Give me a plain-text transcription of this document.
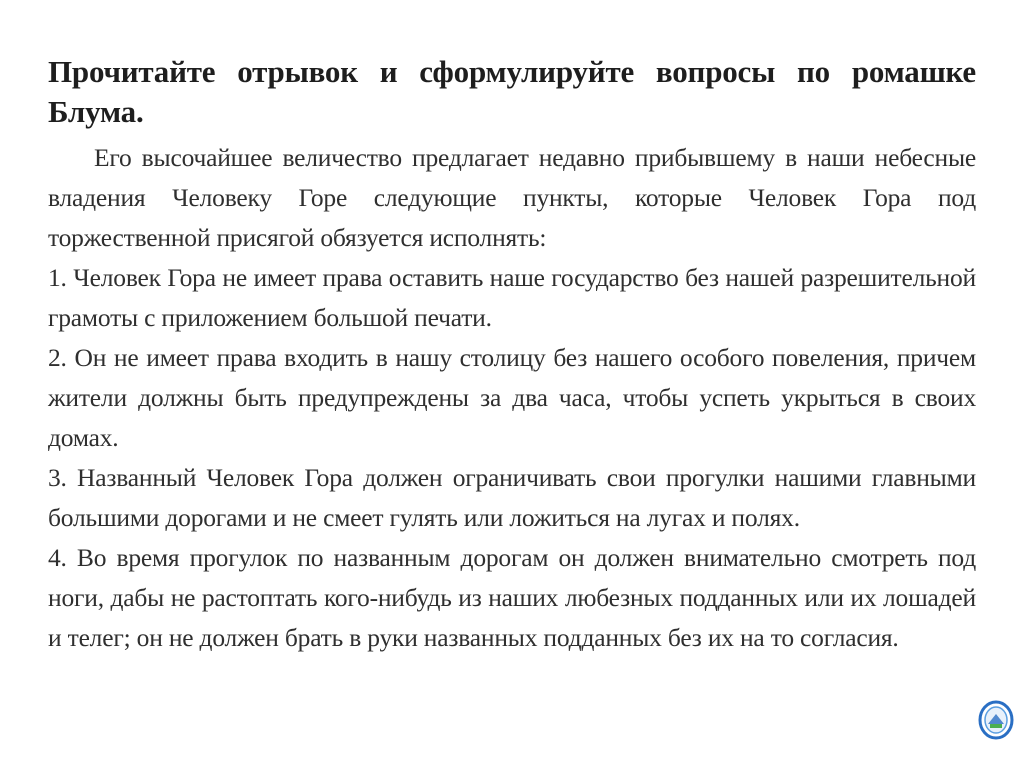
Прочитайте отрывок и сформулируйте вопросы по ромашке Блума.

Его высочайшее величество предлагает недавно прибывшему в наши небесные владения Человеку Горе следующие пункты, которые Человек Гора под торжественной присягой обязуется исполнять:

1. Человек Гора не имеет права оставить наше государство без нашей разрешительной грамоты с приложением большой печати.

2. Он не имеет права входить в нашу столицу без нашего особого повеления, причем жители должны быть предупреждены за два часа, чтобы успеть укрыться в своих домах.

3. Названный Человек Гора должен ограничивать свои прогулки нашими главными большими дорогами и не смеет гулять или ложиться на лугах и полях.

4. Во время прогулок по названным дорогам он должен внимательно смотреть под ноги, дабы не растоптать кого-нибудь из наших любезных подданных или их лошадей и телег; он не должен брать в руки названных подданных без их на то согласия.
